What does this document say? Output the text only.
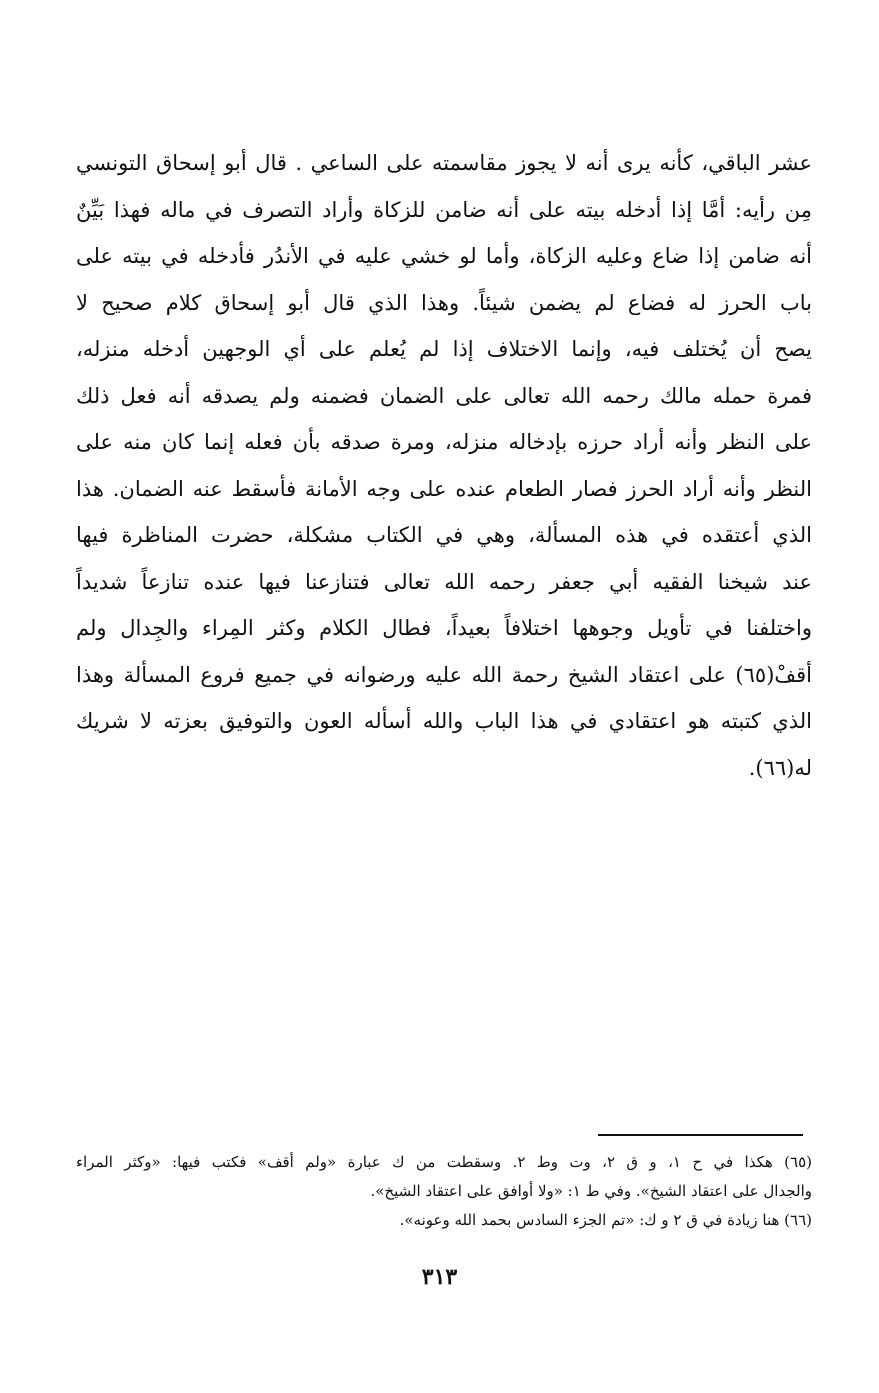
عشر الباقي، كأنه يرى أنه لا يجوز مقاسمته على الساعي . قال أبو إسحاق التونسي
مِن رأيه: أمَّا إذا أدخله بيته على أنه ضامن للزكاة وأراد التصرف في ماله فهذا بَيِّنٌ
أنه ضامن إذا ضاع وعليه الزكاة، وأما لو خشي عليه في الأندُر فأدخله في بيته على
باب الحرز له فضاع لم يضمن شيئاً. وهذا الذي قال أبو إسحاق كلام صحيح لا
يصح أن يُختلف فيه، وإنما الاختلاف إذا لم يُعلم على أي الوجهين أدخله منزله،
فمرة حمله مالك رحمه الله تعالى على الضمان فضمنه ولم يصدقه أنه فعل ذلك
على النظر وأنه أراد حرزه بإدخاله منزله، ومرة صدقه بأن فعله إنما كان منه على
النظر وأنه أراد الحرز فصار الطعام عنده على وجه الأمانة فأسقط عنه الضمان. هذا
الذي أعتقده في هذه المسألة، وهي في الكتاب مشكلة، حضرت المناظرة فيها
عند شيخنا الفقيه أبي جعفر رحمه الله تعالى فتنازعنا فيها عنده تنازعاً شديداً
واختلفنا في تأويل وجوهها اختلافاً بعيداً، فطال الكلام وكثر المِراء والجِدال ولم
أقفْ(٦٥) على اعتقاد الشيخ رحمة الله عليه ورضوانه في جميع فروع المسألة وهذا
الذي كتبته هو اعتقادي في هذا الباب والله أسأله العون والتوفيق بعزته لا شريك
له(٦٦).
(٦٥) هكذا في ح ١، و ق ٢، وت وط ٢. وسقطت من ك عبارة «ولم أقف» فكتب فيها: «وكثر المراء
والجدال على اعتقاد الشيخ». وفي ط ١: «ولا أوافق على اعتقاد الشيخ».
(٦٦) هنا زيادة في ق ٢ و ك: «تم الجزء السادس بحمد الله وعونه».
٣١٣
